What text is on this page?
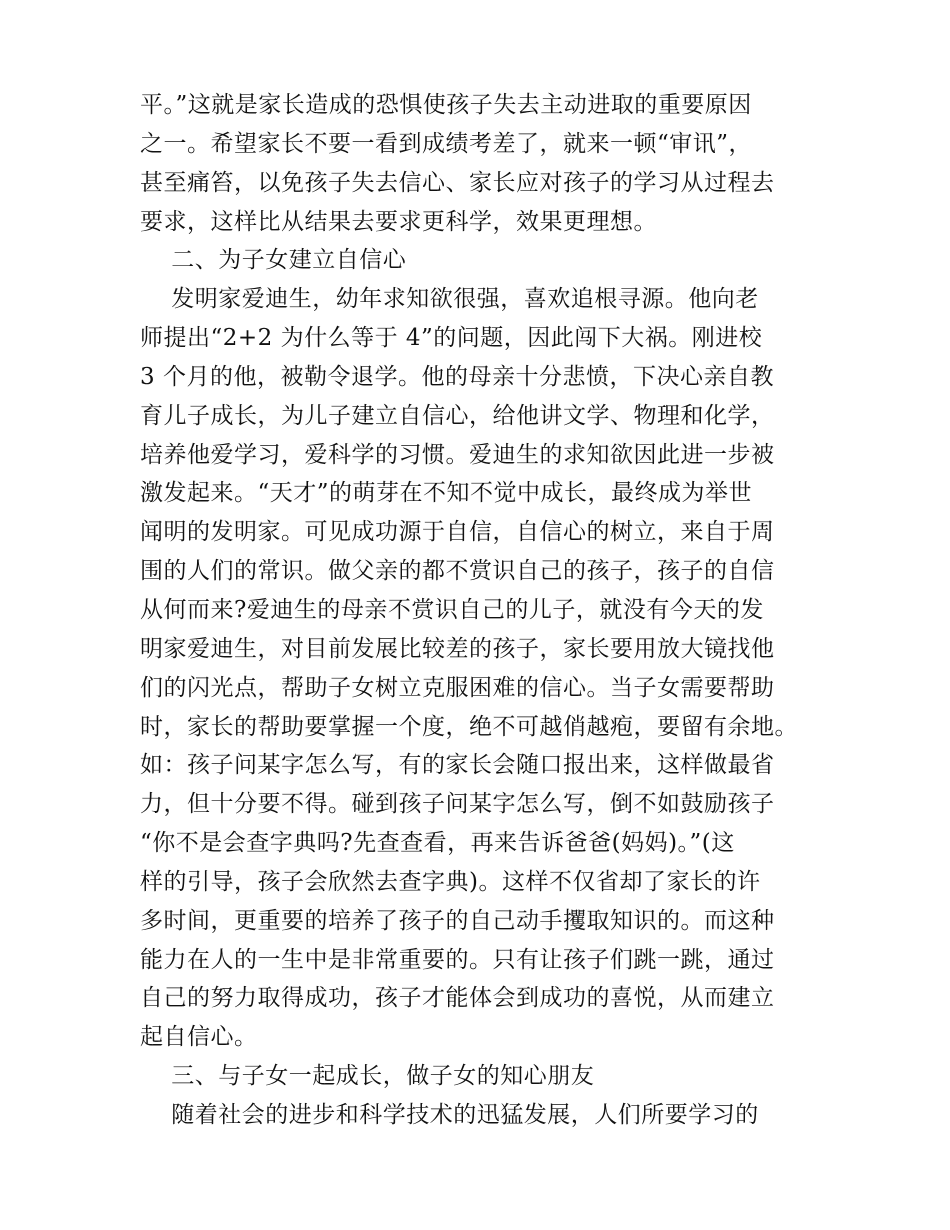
平。”这就是家长造成的恐惧使孩子失去主动进取的重要原因
之一。希望家长不要一看到成绩考差了，就来一顿“审讯”，
甚至痛笞，以免孩子失去信心、家长应对孩子的学习从过程去
要求，这样比从结果去要求更科学，效果更理想。
二、为子女建立自信心
发明家爱迪生，幼年求知欲很强，喜欢追根寻源。他向老
师提出“2+2 为什么等于 4”的问题，因此闯下大祸。刚进校
3 个月的他，被勒令退学。他的母亲十分悲愤，下决心亲自教
育儿子成长，为儿子建立自信心，给他讲文学、物理和化学，
培养他爱学习，爱科学的习惯。爱迪生的求知欲因此进一步被
激发起来。“天才”的萌芽在不知不觉中成长，最终成为举世
闻明的发明家。可见成功源于自信，自信心的树立，来自于周
围的人们的常识。做父亲的都不赏识自己的孩子，孩子的自信
从何而来?爱迪生的母亲不赏识自己的儿子，就没有今天的发
明家爱迪生，对目前发展比较差的孩子，家长要用放大镜找他
们的闪光点，帮助子女树立克服困难的信心。当子女需要帮助
时，家长的帮助要掌握一个度，绝不可越俏越疱，要留有余地。
如：孩子问某字怎么写，有的家长会随口报出来，这样做最省
力，但十分要不得。碰到孩子问某字怎么写，倒不如鼓励孩子
“你不是会查字典吗?先查查看，再来告诉爸爸(妈妈)。”(这
样的引导，孩子会欣然去查字典)。这样不仅省却了家长的许
多时间，更重要的培养了孩子的自己动手攫取知识的。而这种
能力在人的一生中是非常重要的。只有让孩子们跳一跳，通过
自己的努力取得成功，孩子才能体会到成功的喜悦，从而建立
起自信心。
三、与子女一起成长，做子女的知心朋友
随着社会的进步和科学技术的迅猛发展，人们所要学习的
